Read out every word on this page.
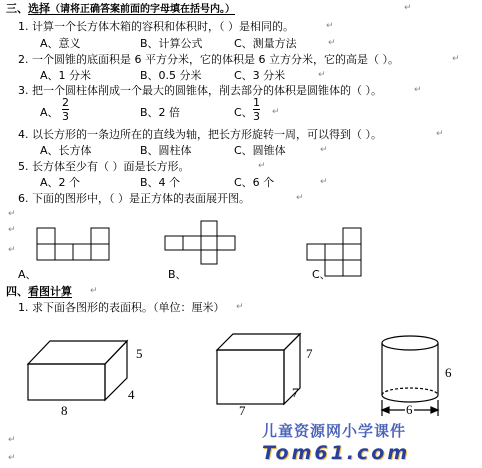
三、选择（请将正确答案前面的字母填在括号内。）
1. 计算一个长方体木箱的容积和体积时，（ ）是相同的。
A、意义	B、计算公式	C、测量方法
2. 一个圆锥的底面积是 6 平方分米，它的体积是 6 立方分米，它的高是（ ）。
A、1 分米	B、0.5 分米	C、3 分米
3. 把一个圆柱体削成一个最大的圆锥体，削去部分的体积是圆锥体的（ ）。
A、
2
3	B、2 倍	C、
1
3
4. 以长方形的一条边所在的直线为轴，把长方形旋转一周，可以得到（ ）。
A、长方体	B、圆柱体	C、圆锥体
5. 长方体至少有（ ）面是长方形。
A、2 个	B、4 个	C、6 个
6. 下面的图形中，（ ）是正方体的表面展开图。
↵
↵
↵
↵
↵
↵
↵
↵
↵
↵
↵
↵
↵
↵
↵
↵
↵
A、	B、	C、
四、看图计算
1. 求下面各图形的表面积。（单位：厘米） ↵
↵
5
4
8
7
7
7
6
6
儿童资源网小学课件
Tom61.com
